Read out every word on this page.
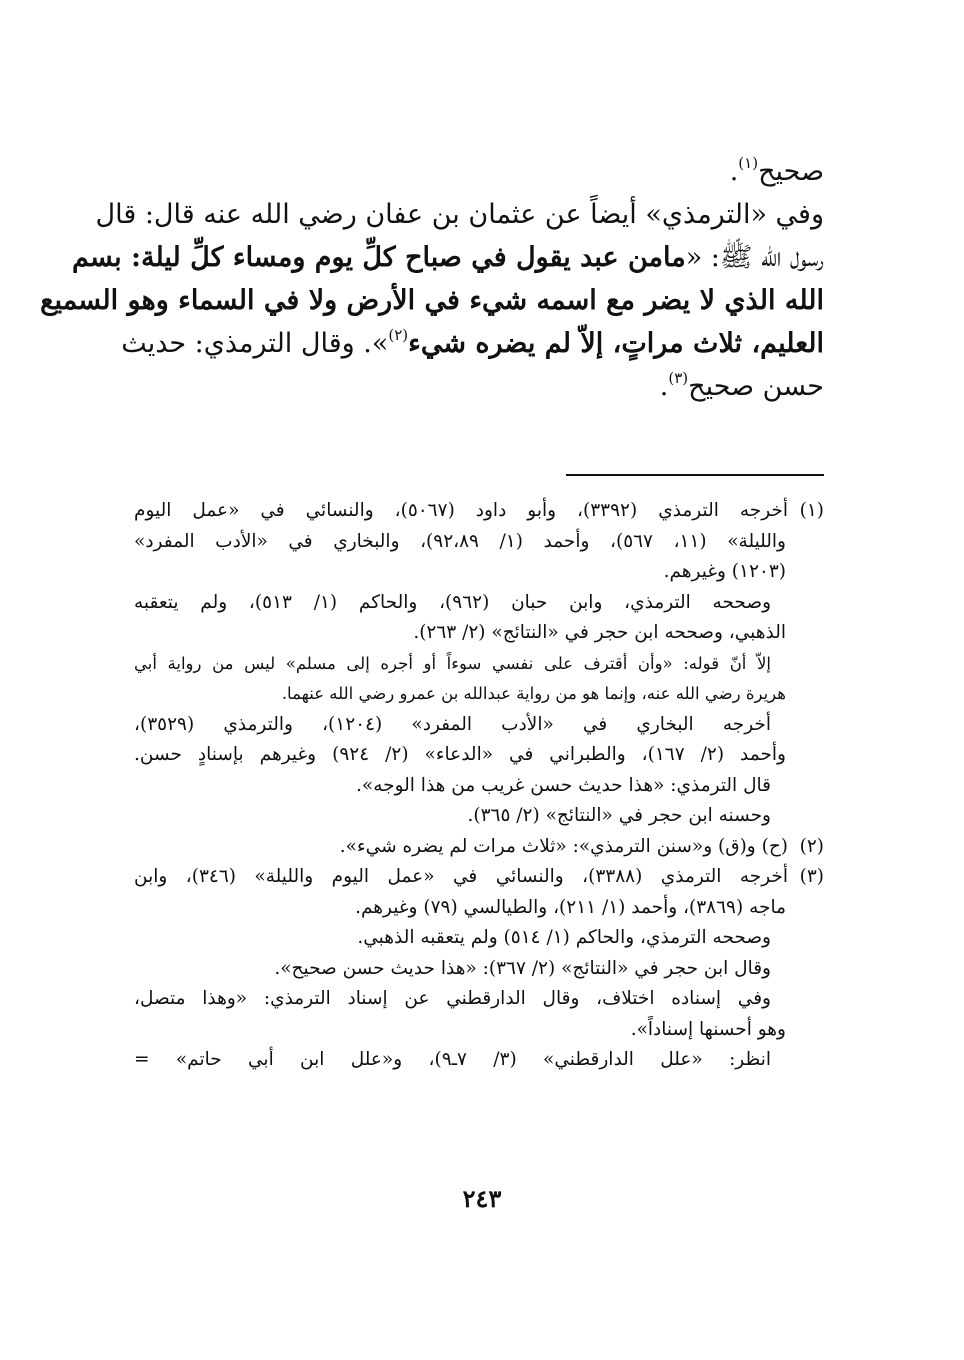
صحيح$^{(١)}$.
وفي «الترمذي» أيضاً عن عثمان بن عفان رضي الله عنه قال: قال
رسول الله ﷺ: «مامن عبد يقول في صباح كلِّ يوم ومساء كلِّ ليلة: بسم
الله الذي لا يضر مع اسمه شيء في الأرض ولا في السماء وهو السميع
العليم، ثلاث مراتٍ، إلاّ لم يضره شيء$^{(٢)}$». وقال الترمذي: حديث
حسن صحيح$^{(٣)}$.
(١)أخرجه الترمذي (٣٣٩٢)، وأبو داود (٥٠٦٧)، والنسائي في «عمل اليوم
والليلة» (١١، ٥٦٧)، وأحمد (١/ ٩٢،٨٩)، والبخاري في «الأدب المفرد»
(١٢٠٣) وغيرهم.
وصححه الترمذي، وابن حبان (٩٦٢)، والحاكم (١/ ٥١٣)، ولم يتعقبه
الذهبي، وصححه ابن حجر في «النتائج» (٢/ ٢٦٣).
إلاّ أنّ قوله: «وأن أقترف على نفسي سوءاً أو أجره إلى مسلم» ليس من رواية أبي
هريرة رضي الله عنه، وإنما هو من رواية عبدالله بن عمرو رضي الله عنهما.
أخرجه البخاري في «الأدب المفرد» (١٢٠٤)، والترمذي (٣٥٢٩)،
وأحمد (٢/ ١٦٧)، والطبراني في «الدعاء» (٢/ ٩٢٤) وغيرهم بإسنادٍ حسن.
قال الترمذي: «هذا حديث حسن غريب من هذا الوجه».
وحسنه ابن حجر في «النتائج» (٢/ ٣٦٥).
(٢)(ح) و(ق) و«سنن الترمذي»: «ثلاث مرات لم يضره شيء».
(٣)أخرجه الترمذي (٣٣٨٨)، والنسائي في «عمل اليوم والليلة» (٣٤٦)، وابن
ماجه (٣٨٦٩)، وأحمد (١/ ٢١١)، والطيالسي (٧٩) وغيرهم.
وصححه الترمذي، والحاكم (١/ ٥١٤) ولم يتعقبه الذهبي.
وقال ابن حجر في «النتائج» (٢/ ٣٦٧): «هذا حديث حسن صحيح».
وفي إسناده اختلاف، وقال الدارقطني عن إسناد الترمذي: «وهذا متصل،
وهو أحسنها إسناداً».
انظر: «علل الدارقطني» (٣/ ٧ـ٩)، و«علل ابن أبي حاتم» =
٢٤٣
